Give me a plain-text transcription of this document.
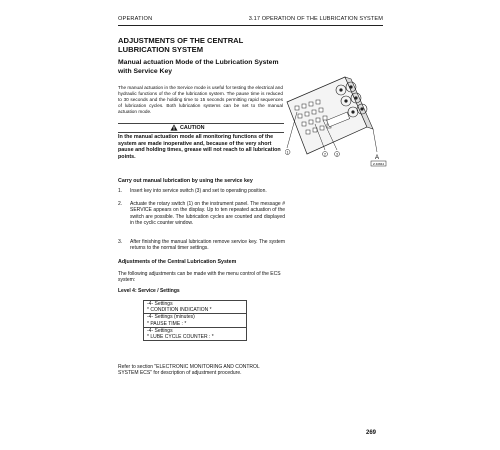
OPERATION	3.17 OPERATION OF THE LUBRICATION SYSTEM
ADJUSTMENTS OF THE CENTRAL LUBRICATION SYSTEM
Manual actuation Mode of the Lubrication System with Service Key
The manual actuation in the Service mode is useful for testing the electrical and hydraulic functions of the of the lubrication system. The pause time is reduced to 30 seconds and the holding time to 15 seconds permitting rapid sequences of lubrication cycles. Both lubrication systems can be set to the manual actuation mode.
CAUTION
In the manual actuation mode all monitoring functions of the system are made inoperative and, because of the very short pause and holding times, grease will not reach to all lubrication points.
1	2	3
A
Z 40844
Carry out manual lubrication by using the service key
1.	Insert key into service switch (3) and set to operating position.
2.	Actuate the rotary switch (1) on the instrument panel. The message # SERVICE appears on the display. Up to ten repeated actuation of the switch are possible. The lubrication cycles are counted and displayed in the cyclic counter window.
3.	After finishing the manual lubrication remove service key. The system returns to the normal timer settings.
Adjustments of the Central Lubrication System
The following adjustments can be made with the menu control of the ECS system:
Level 4: Service / Settings
-4- Settings
* CONDITION INDICATION *
-4- Settings (minutes)
* PAUSE TIME : *
-4- Settings
* LUBE CYCLE COUNTER : *
Refer to section "ELECTRONIC MONITORING AND CONTROL SYSTEM ECS" for description of adjustment procedure.
269
